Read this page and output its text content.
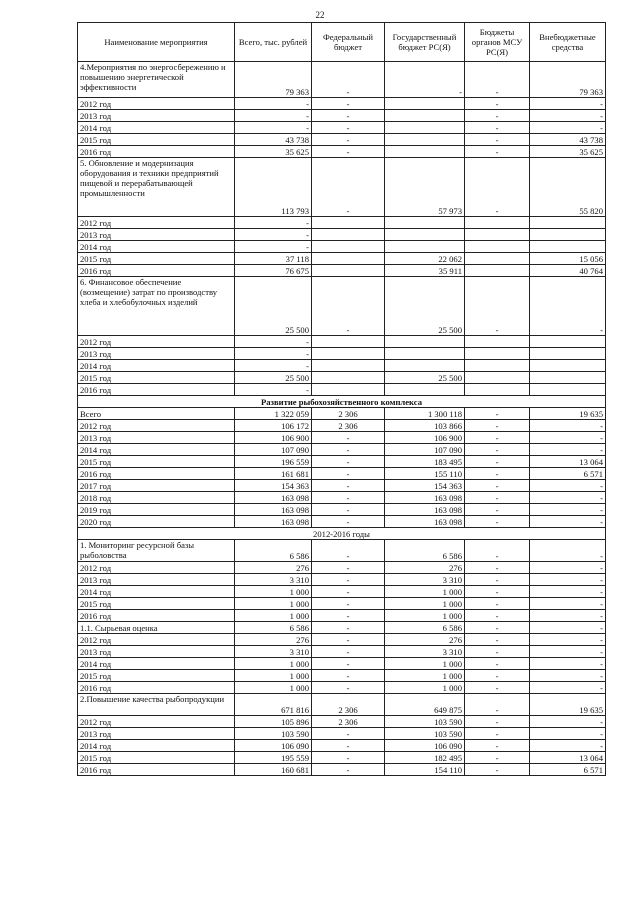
22
Наименование мероприятия	Всего, тыс. рублей	Федеральный бюджет	Государственный бюджет РС(Я)	Бюджеты органов МСУ РС(Я)	Внебюджетные средства
4.Мероприятия по энергосбережению и повышению энергетической эффективности	79 363	-	-	-	79 363
2012 год	-	-		-	-
2013 год	-	-		-	-
2014 год	-	-		-	-
2015 год	43 738	-		-	43 738
2016 год	35 625	-		-	35 625
5. Обновление и модернизация оборудования и техники предприятий пищевой и перерабатывающей промышленности	113 793	-	57 973	-	55 820
2012 год	-				
2013 год	-				
2014 год	-				
2015 год	37 118		22 062		15 056
2016 год	76 675		35 911		40 764
6. Финансовое обеспечение (возмещение) затрат по производству хлеба и хлебобулочных изделий	25 500	-	25 500	-	-
2012 год	-				
2013 год	-				
2014 год	-				
2015 год	25 500		25 500		
2016 год	-				
Развитие рыбохозяйственного комплекса					
Всего	1 322 059	2 306	1 300 118	-	19 635
2012 год	106 172	2 306	103 866	-	-
2013 год	106 900	-	106 900	-	-
2014 год	107 090	-	107 090	-	-
2015 год	196 559	-	183 495	-	13 064
2016 год	161 681	-	155 110	-	6 571
2017 год	154 363	-	154 363	-	-
2018 год	163 098	-	163 098	-	-
2019 год	163 098	-	163 098	-	-
2020 год	163 098	-	163 098	-	-
2012-2016 годы					
1. Мониторинг ресурсной базы рыболовства	6 586	-	6 586	-	-
2012 год	276	-	276	-	-
2013 год	3 310	-	3 310	-	-
2014 год	1 000	-	1 000	-	-
2015 год	1 000	-	1 000	-	-
2016 год	1 000	-	1 000	-	-
1.1. Сырьевая оценка	6 586	-	6 586	-	-
2012 год	276	-	276	-	-
2013 год	3 310	-	3 310	-	-
2014 год	1 000	-	1 000	-	-
2015 год	1 000	-	1 000	-	-
2016 год	1 000	-	1 000	-	-
2.Повышение качества рыбопродукции	671 816	2 306	649 875	-	19 635
2012 год	105 896	2 306	103 590	-	-
2013 год	103 590	-	103 590	-	-
2014 год	106 090	-	106 090	-	-
2015 год	195 559	-	182 495	-	13 064
2016 год	160 681	-	154 110	-	6 571
